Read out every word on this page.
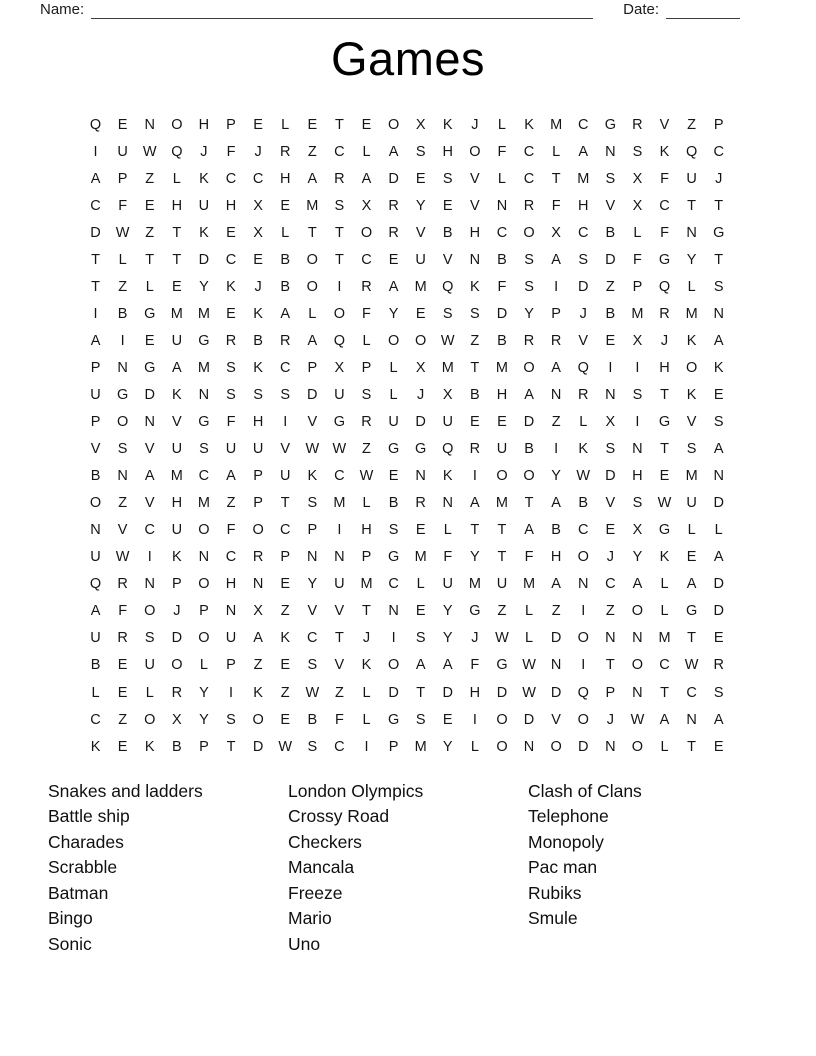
Name:	Date:
Games
Q	E	N	O	H	P	E	L	E	T	E	O	X	K	J	L	K	M	C	G	R	V	Z	P
I	U	W	Q	J	F	J	R	Z	C	L	A	S	H	O	F	C	L	A	N	S	K	Q	C
A	P	Z	L	K	C	C	H	A	R	A	D	E	S	V	L	C	T	M	S	X	F	U	J
C	F	E	H	U	H	X	E	M	S	X	R	Y	E	V	N	R	F	H	V	X	C	T	T
D	W	Z	T	K	E	X	L	T	T	O	R	V	B	H	C	O	X	C	B	L	F	N	G
T	L	T	T	D	C	E	B	O	T	C	E	U	V	N	B	S	A	S	D	F	G	Y	T
T	Z	L	E	Y	K	J	B	O	I	R	A	M	Q	K	F	S	I	D	Z	P	Q	L	S
I	B	G	M	M	E	K	A	L	O	F	Y	E	S	S	D	Y	P	J	B	M	R	M	N
A	I	E	U	G	R	B	R	A	Q	L	O	O	W	Z	B	R	R	V	E	X	J	K	A
P	N	G	A	M	S	K	C	P	X	P	L	X	M	T	M	O	A	Q	I	I	H	O	K
U	G	D	K	N	S	S	S	D	U	S	L	J	X	B	H	A	N	R	N	S	T	K	E
P	O	N	V	G	F	H	I	V	G	R	U	D	U	E	E	D	Z	L	X	I	G	V	S
V	S	V	U	S	U	U	V	W W	Z	G	G	Q	R	U	B	I	K	S	N	T	S	A
B	N	A	M	C	A	P	U	K	C	W	E	N	K	I	O	O	Y	W	D	H	E	M	N
O	Z	V	H	M	Z	P	T	S	M	L	B	R	N	A	M	T	A	B	V	S	W	U	D
N	V	C	U	O	F	O	C	P	I	H	S	E	L	T	T	A	B	C	E	X	G	L	L
U	W	I	K	N	C	R	P	N	N	P	G	M	F	Y	T	F	H	O	J	Y	K	E	A
Q	R	N	P	O	H	N	E	Y	U	M	C	L	U	M	U	M	A	N	C	A	L	A	D
A	F	O	J	P	N	X	Z	V	V	T	N	E	Y	G	Z	L	Z	I	Z	O	L	G	D
U	R	S	D	O	U	A	K	C	T	J	I	S	Y	J	W	L	D	O	N	N	M	T	E
B	E	U	O	L	P	Z	E	S	V	K	O	A	A	F	G	W	N	I	T	O	C	W	R
L	E	L	R	Y	I	K	Z	W	Z	L	D	T	D	H	D	W	D	Q	P	N	T	C	S
C	Z	O	X	Y	S	O	E	B	F	L	G	S	E	I	O	D	V	O	J	W	A	N	A
K	E	K	B	P	T	D	W	S	C	I	P	M	Y	L	O	N	O	D	N	O	L	T	E
Snakes and ladders
Battle ship
Charades
Scrabble
Batman
Bingo
Sonic
London Olympics
Crossy Road
Checkers
Mancala
Freeze
Mario
Uno
Clash of Clans
Telephone
Monopoly
Pac man
Rubiks
Smule
